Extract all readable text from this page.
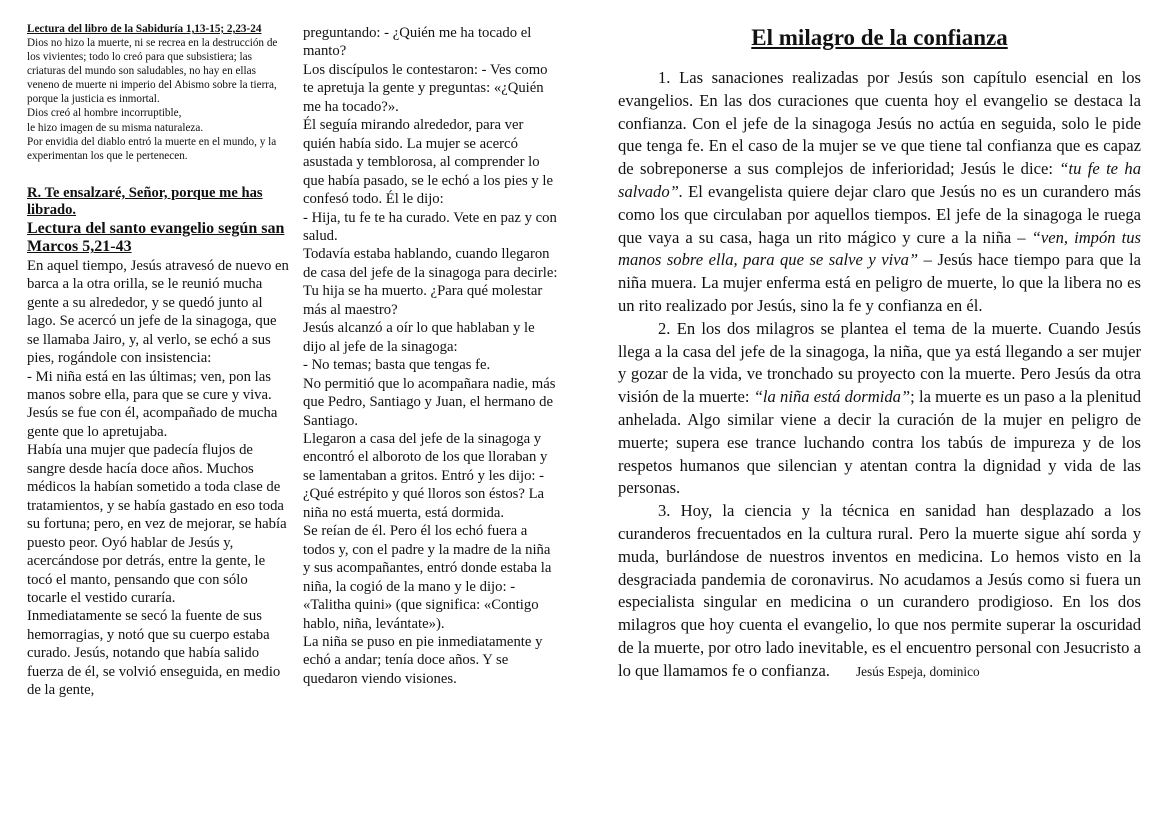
Lectura del libro de la Sabiduría 1,13-15; 2,23-24

Dios no hizo la muerte, ni se recrea en la destrucción de los vivientes; todo lo creó para que subsistiera; las criaturas del mundo son saludables, no hay en ellas veneno de muerte ni imperio del Abismo sobre la tierra, porque la justicia es inmortal.

Dios creó al hombre incorruptible,

le hizo imagen de su misma naturaleza.

Por envidia del diablo entró la muerte en el mundo, y la experimentan los que le pertenecen.

R. Te ensalzaré, Señor, porque me has librado.
Lectura del santo evangelio según san Marcos 5,21-43

En aquel tiempo, Jesús atravesó de nuevo en barca a la otra orilla, se le reunió mucha gente a su alrededor, y se quedó junto al lago. Se acercó un jefe de la sinagoga, que se llamaba Jairo, y, al verlo, se echó a sus pies, rogándole con insistencia:

- Mi niña está en las últimas; ven, pon las manos sobre ella, para que se cure y viva.

Jesús se fue con él, acompañado de mucha gente que lo apretujaba.

Había una mujer que padecía flujos de sangre desde hacía doce años. Muchos médicos la habían sometido a toda clase de tratamientos, y se había gastado en eso toda su fortuna; pero, en vez de mejorar, se había puesto peor. Oyó hablar de Jesús y, acercándose por detrás, entre la gente, le tocó el manto, pensando que con sólo tocarle el vestido curaría.

Inmediatamente se secó la fuente de sus hemorragias, y notó que su cuerpo estaba curado. Jesús, notando que había salido fuerza de él, se volvió enseguida, en medio de la gente,

preguntando: - ¿Quién me ha tocado el manto?

Los discípulos le contestaron: - Ves como te apretuja la gente y preguntas: «¿Quién me ha tocado?».

Él seguía mirando alrededor, para ver quién había sido. La mujer se acercó asustada y temblorosa, al comprender lo que había pasado, se le echó a los pies y le confesó todo. Él le dijo:

- Hija, tu fe te ha curado. Vete en paz y con salud.

Todavía estaba hablando, cuando llegaron de casa del jefe de la sinagoga para decirle: Tu hija se ha muerto. ¿Para qué molestar más al maestro?

Jesús alcanzó a oír lo que hablaban y le dijo al jefe de la sinagoga:

- No temas; basta que tengas fe.

No permitió que lo acompañara nadie, más que Pedro, Santiago y Juan, el hermano de Santiago.

Llegaron a casa del jefe de la sinagoga y encontró el alboroto de los que lloraban y se lamentaban a gritos. Entró y les dijo: - ¿Qué estrépito y qué lloros son éstos? La niña no está muerta, está dormida.

Se reían de él. Pero él los echó fuera a todos y, con el padre y la madre de la niña y sus acompañantes, entró donde estaba la niña, la cogió de la mano y le dijo: - «Talitha quini» (que significa: «Contigo hablo, niña, levántate»).

La niña se puso en pie inmediatamente y echó a andar; tenía doce años. Y se quedaron viendo visiones.

El milagro de la confianza

1. Las sanaciones realizadas por Jesús son capítulo esencial en los evangelios. En las dos curaciones que cuenta hoy el evangelio se destaca la confianza. Con el jefe de la sinagoga Jesús no actúa en seguida, solo le pide que tenga fe. En el caso de la mujer se ve que tiene tal confianza que es capaz de sobreponerse a sus complejos de inferioridad; Jesús le dice: “tu fe te ha salvado”. El evangelista quiere dejar claro que Jesús no es un curandero más como los que circulaban por aquellos tiempos. El jefe de la sinagoga le ruega que vaya a su casa, haga un rito mágico y cure a la niña – “ven, impón tus manos sobre ella, para que se salve y viva” – Jesús hace tiempo para que la niña muera. La mujer enferma está en peligro de muerte, lo que la libera no es un rito realizado por Jesús, sino la fe y confianza en él.

2. En los dos milagros se plantea el tema de la muerte. Cuando Jesús llega a la casa del jefe de la sinagoga, la niña, que ya está llegando a ser mujer y gozar de la vida, ve tronchado su proyecto con la muerte. Pero Jesús da otra visión de la muerte: “la niña está dormida”; la muerte es un paso a la plenitud anhelada. Algo similar viene a decir la curación de la mujer en peligro de muerte; supera ese trance luchando contra los tabús de impureza y de los respetos humanos que silencian y atentan contra la dignidad y vida de las personas.

3. Hoy, la ciencia y la técnica en sanidad han desplazado a los curanderos frecuentados en la cultura rural. Pero la muerte sigue ahí sorda y muda, burlándose de nuestros inventos en medicina. Lo hemos visto en la desgraciada pandemia de coronavirus. No acudamos a Jesús como si fuera un especialista singular en medicina o un curandero prodigioso. En los dos milagros que hoy cuenta el evangelio, lo que nos permite superar la oscuridad de la muerte, por otro lado inevitable, es el encuentro personal con Jesucristo a lo que llamamos fe o confianza. Jesús Espeja, dominico
